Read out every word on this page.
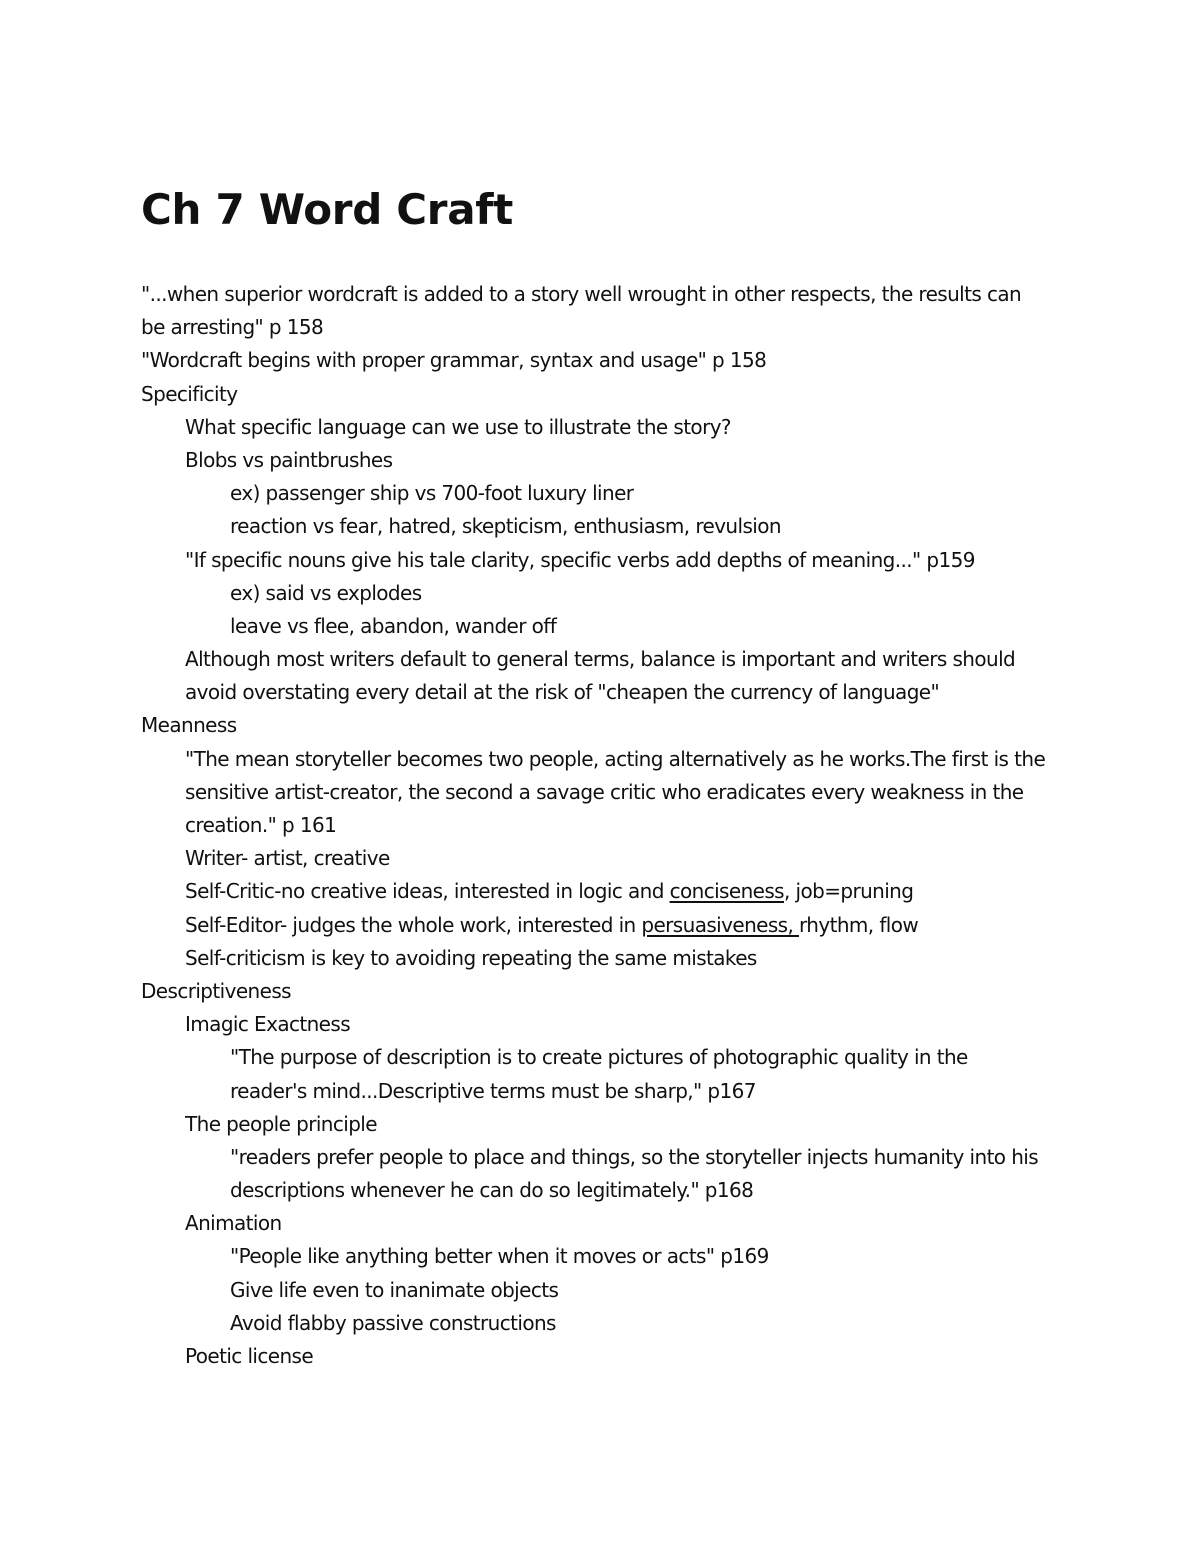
Ch 7 Word Craft
"...when superior wordcraft is added to a story well wrought in other respects, the results can
be arresting" p 158
"Wordcraft begins with proper grammar, syntax and usage" p 158
Specificity
What specific language can we use to illustrate the story?
Blobs vs paintbrushes
ex) passenger ship vs 700-foot luxury liner
reaction vs fear, hatred, skepticism, enthusiasm, revulsion
"If specific nouns give his tale clarity, specific verbs add depths of meaning..." p159
ex) said vs explodes
leave vs flee, abandon, wander off
Although most writers default to general terms, balance is important and writers should
avoid overstating every detail at the risk of "cheapen the currency of language"
Meanness
"The mean storyteller becomes two people, acting alternatively as he works.The first is the
sensitive artist-creator, the second a savage critic who eradicates every weakness in the
creation." p 161
Writer- artist, creative
Self-Critic-no creative ideas, interested in logic and conciseness, job=pruning
Self-Editor- judges the whole work, interested in persuasiveness, rhythm, flow
Self-criticism is key to avoiding repeating the same mistakes
Descriptiveness
Imagic Exactness
"The purpose of description is to create pictures of photographic quality in the
reader's mind...Descriptive terms must be sharp," p167
The people principle
"readers prefer people to place and things, so the storyteller injects humanity into his
descriptions whenever he can do so legitimately." p168
Animation
"People like anything better when it moves or acts" p169
Give life even to inanimate objects
Avoid flabby passive constructions
Poetic license
